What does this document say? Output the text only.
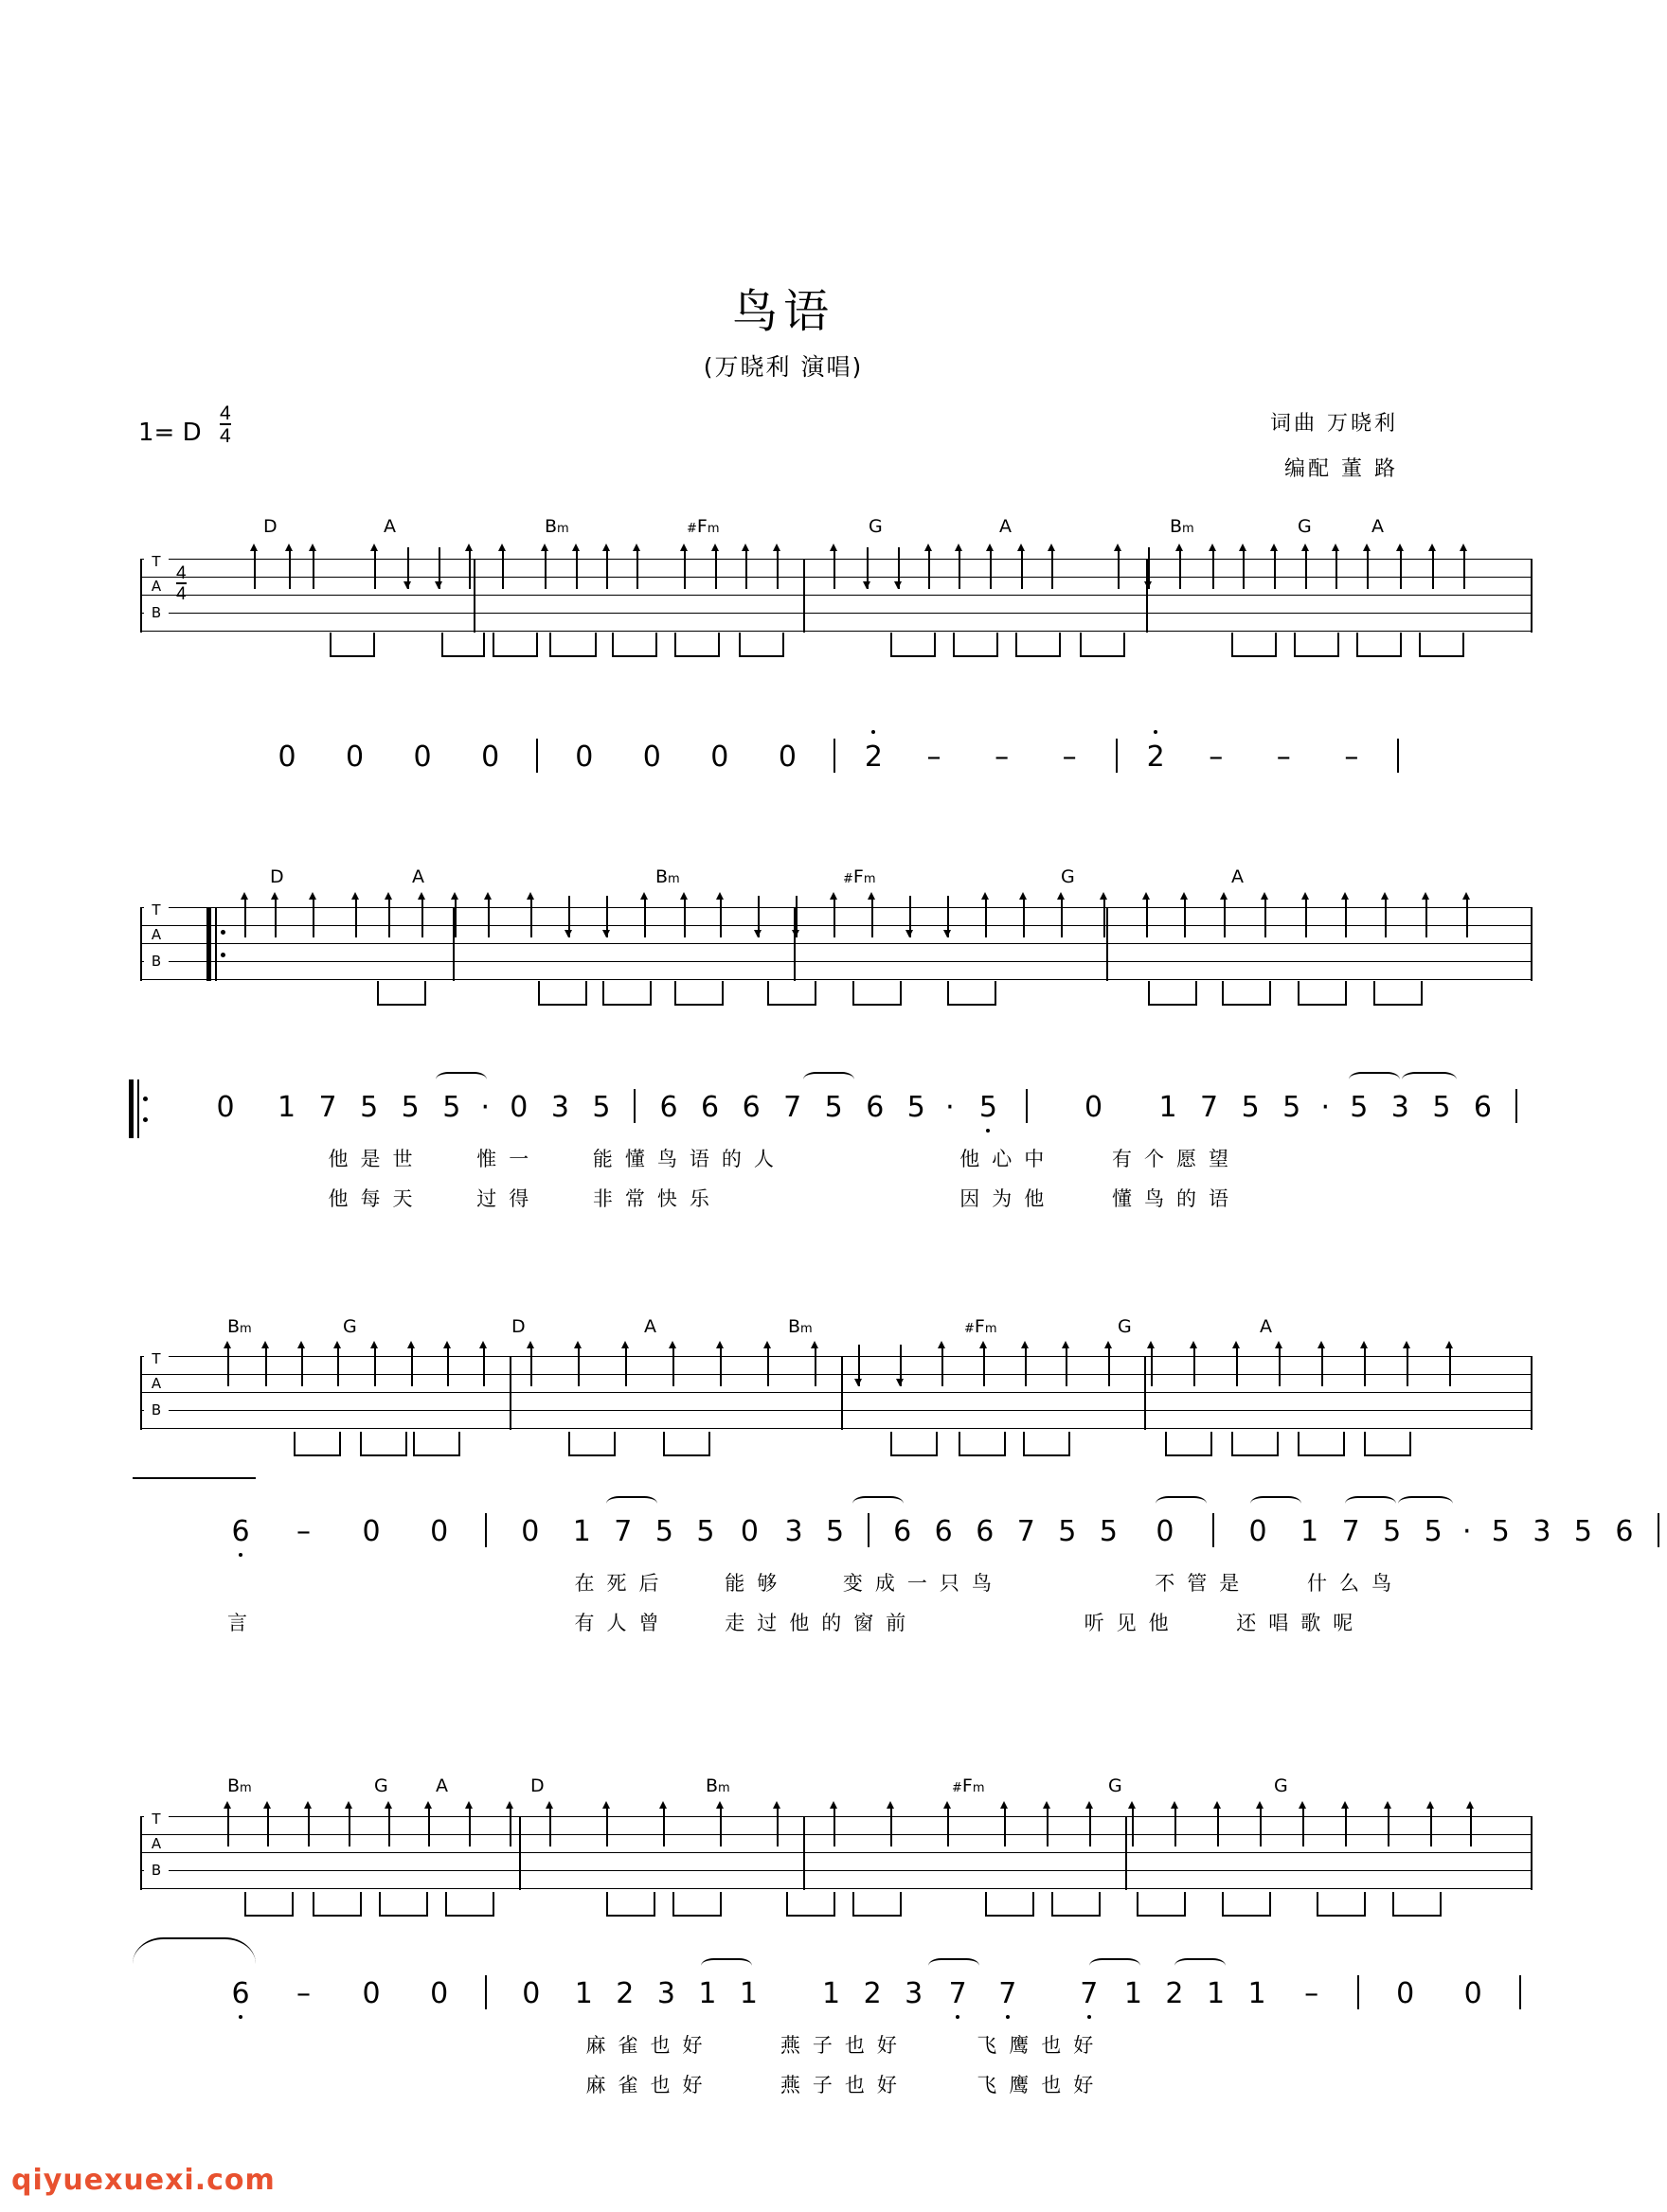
鸟语
(万晓利 演唱)
词曲 万晓利
编配 董 路
1= D $\frac{4}{4}$
D	A	Bm	#Fm	G	A	Bm	G	A
T
A
B
$\frac{4}{4}$
0 0 0 0	0 0 0 0 2 – – – 2 – – –
D	A	Bm	#Fm	G	A
T
A
B
0 1 7 5 5 5 · 0 3 5 6 6 6 7 5 6 5 · 5	0 1 7 5 5 · 5 3 5 6
他 是 世	惟 一	能 懂 鸟 语 的 人	他 心 中	有 个 愿 望
他 每 天	过 得	非 常 快 乐	因 为 他	懂 鸟 的 语
Bm	G	D	A	Bm	#Fm	G	A
T
A
B
6 – 0 0	0 1 7 5 5 0 3 5 6 6 6 7 5 5 0	0 1 7 5 5 · 5 3 5 6
在 死 后	能 够	变 成 一 只 鸟	不 管 是	什 么 鸟
有 人 曾	走 过 他 的 窗 前	听 见 他	还 唱 歌 呢
言
Bm	G	A	D	Bm	#Fm	G	G
T
A
B
6 – 0 0	0 1 2 3 1 1 1 2 3 7 7 7 1 2 1 1 –	0 0
麻 雀 也 好	燕 子 也 好	飞 鹰 也 好
麻 雀 也 好	燕 子 也 好	飞 鹰 也 好
qiyuexuexi.com
